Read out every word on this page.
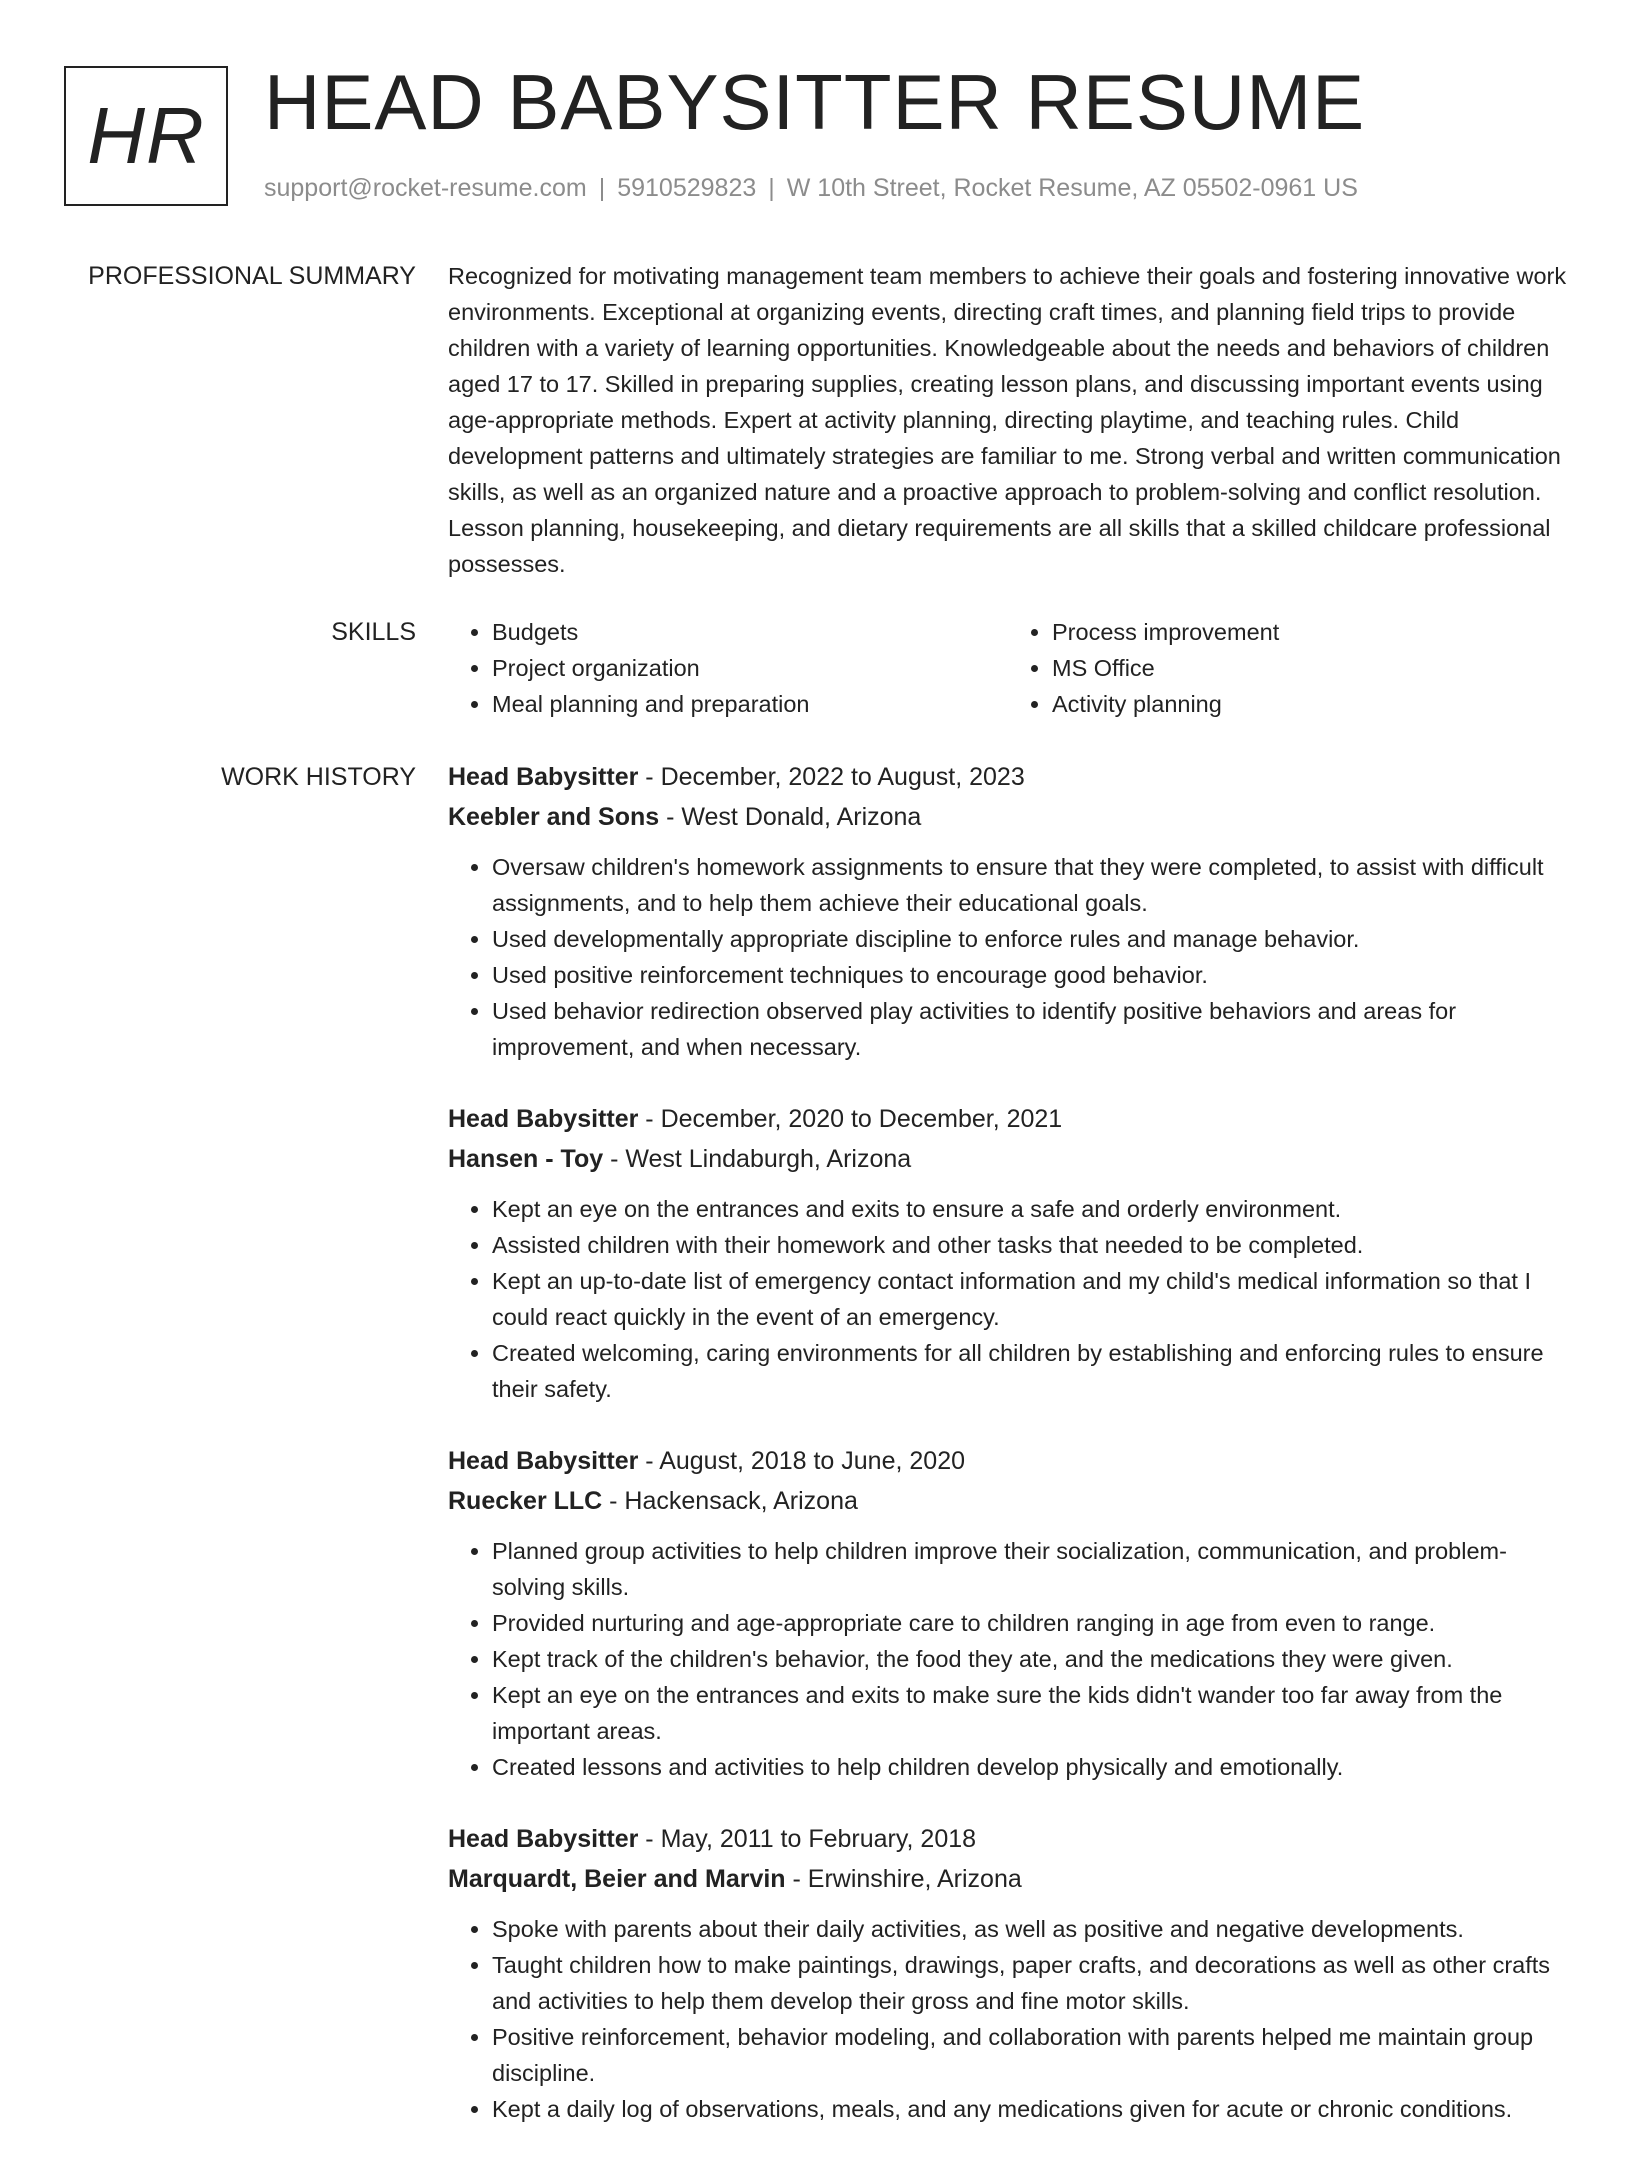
HR HEAD BABYSITTER RESUME
support@rocket-resume.com | 5910529823 | W 10th Street, Rocket Resume, AZ 05502-0961 US
PROFESSIONAL SUMMARY Recognized for motivating management team members to achieve their goals and fostering innovative work environments. Exceptional at organizing events, directing craft times, and planning field trips to provide children with a variety of learning opportunities. Knowledgeable about the needs and behaviors of children aged 17 to 17. Skilled in preparing supplies, creating lesson plans, and discussing important events using age-appropriate methods. Expert at activity planning, directing playtime, and teaching rules. Child development patterns and ultimately strategies are familiar to me. Strong verbal and written communication skills, as well as an organized nature and a proactive approach to problem-solving and conflict resolution. Lesson planning, housekeeping, and dietary requirements are all skills that a skilled childcare professional possesses.

SKILLS
•	Budgets
• Project organization
• Meal planning and preparation
• Process improvement
• MS Office
• Activity planning
WORK HISTORY Head Babysitter - December, 2022 to August, 2023
Keebler and Sons - West Donald, Arizona
• Oversaw children's homework assignments to ensure that they were completed, to assist with difficult assignments, and to help them achieve their educational goals.
• Used developmentally appropriate discipline to enforce rules and manage behavior.
• Used positive reinforcement techniques to encourage good behavior.
• Used behavior redirection observed play activities to identify positive behaviors and areas for improvement, and when necessary.
Head Babysitter - December, 2020 to December, 2021
Hansen - Toy - West Lindaburgh, Arizona
• Kept an eye on the entrances and exits to ensure a safe and orderly environment.
• Assisted children with their homework and other tasks that needed to be completed.
• Kept an up-to-date list of emergency contact information and my child's medical information so that I could react quickly in the event of an emergency.
• Created welcoming, caring environments for all children by establishing and enforcing rules to ensure their safety.
Head Babysitter - August, 2018 to June, 2020
Ruecker LLC - Hackensack, Arizona
• Planned group activities to help children improve their socialization, communication, and problem-solving skills.
• Provided nurturing and age-appropriate care to children ranging in age from even to range.
• Kept track of the children's behavior, the food they ate, and the medications they were given.
• Kept an eye on the entrances and exits to make sure the kids didn't wander too far away from the important areas.
• Created lessons and activities to help children develop physically and emotionally.
Head Babysitter - May, 2011 to February, 2018
Marquardt, Beier and Marvin - Erwinshire, Arizona
• Spoke with parents about their daily activities, as well as positive and negative developments.
• Taught children how to make paintings, drawings, paper crafts, and decorations as well as other crafts and activities to help them develop their gross and fine motor skills.
• Positive reinforcement, behavior modeling, and collaboration with parents helped me maintain group discipline.
• Kept a daily log of observations, meals, and any medications given for acute or chronic conditions.
